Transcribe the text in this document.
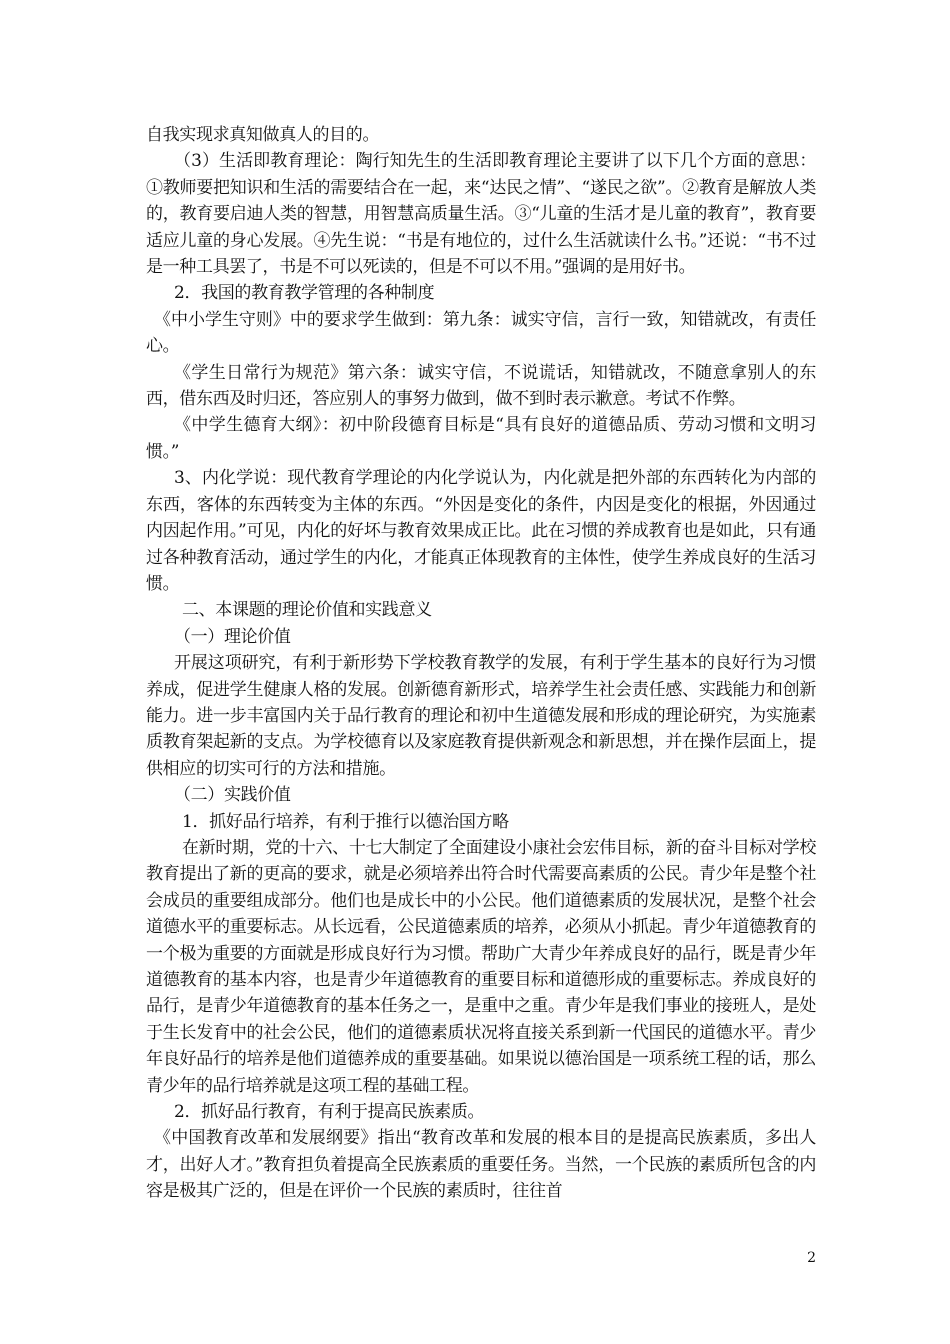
自我实现求真知做真人的目的。

（3）生活即教育理论：陶行知先生的生活即教育理论主要讲了以下几个方面的意思：①教师要把知识和生活的需要结合在一起，来“达民之情”、“遂民之欲”。②教育是解放人类的，教育要启迪人类的智慧，用智慧高质量生活。③“儿童的生活才是儿童的教育”，教育要适应儿童的身心发展。④先生说：“书是有地位的，过什么生活就读什么书。”还说：“书不过是一种工具罢了，书是不可以死读的，但是不可以不用。”强调的是用好书。

2．我国的教育教学管理的各种制度

《中小学生守则》中的要求学生做到：第九条：诚实守信，言行一致，知错就改，有责任心。

《学生日常行为规范》第六条：诚实守信，不说谎话，知错就改，不随意拿别人的东西，借东西及时归还，答应别人的事努力做到，做不到时表示歉意。考试不作弊。

《中学生德育大纲》：初中阶段德育目标是“具有良好的道德品质、劳动习惯和文明习惯。”

3、内化学说：现代教育学理论的内化学说认为，内化就是把外部的东西转化为内部的东西，客体的东西转变为主体的东西。“外因是变化的条件，内因是变化的根据，外因通过内因起作用。”可见，内化的好坏与教育效果成正比。此在习惯的养成教育也是如此，只有通过各种教育活动，通过学生的内化，才能真正体现教育的主体性，使学生养成良好的生活习惯。

二、本课题的理论价值和实践意义

（一）理论价值

开展这项研究，有利于新形势下学校教育教学的发展，有利于学生基本的良好行为习惯养成，促进学生健康人格的发展。创新德育新形式，培养学生社会责任感、实践能力和创新能力。进一步丰富国内关于品行教育的理论和初中生道德发展和形成的理论研究，为实施素质教育架起新的支点。为学校德育以及家庭教育提供新观念和新思想，并在操作层面上，提供相应的切实可行的方法和措施。

（二）实践价值

1．抓好品行培养，有利于推行以德治国方略

在新时期，党的十六、十七大制定了全面建设小康社会宏伟目标，新的奋斗目标对学校教育提出了新的更高的要求，就是必须培养出符合时代需要高素质的公民。青少年是整个社会成员的重要组成部分。他们也是成长中的小公民。他们道德素质的发展状况，是整个社会道德水平的重要标志。从长远看，公民道德素质的培养，必须从小抓起。青少年道德教育的一个极为重要的方面就是形成良好行为习惯。帮助广大青少年养成良好的品行，既是青少年道德教育的基本内容，也是青少年道德教育的重要目标和道德形成的重要标志。养成良好的品行，是青少年道德教育的基本任务之一，是重中之重。青少年是我们事业的接班人，是处于生长发育中的社会公民，他们的道德素质状况将直接关系到新一代国民的道德水平。青少年良好品行的培养是他们道德养成的重要基础。如果说以德治国是一项系统工程的话，那么青少年的品行培养就是这项工程的基础工程。

2．抓好品行教育，有利于提高民族素质。

《中国教育改革和发展纲要》指出“教育改革和发展的根本目的是提高民族素质，多出人才，出好人才。”教育担负着提高全民族素质的重要任务。当然，一个民族的素质所包含的内容是极其广泛的，但是在评价一个民族的素质时，往往首

2
